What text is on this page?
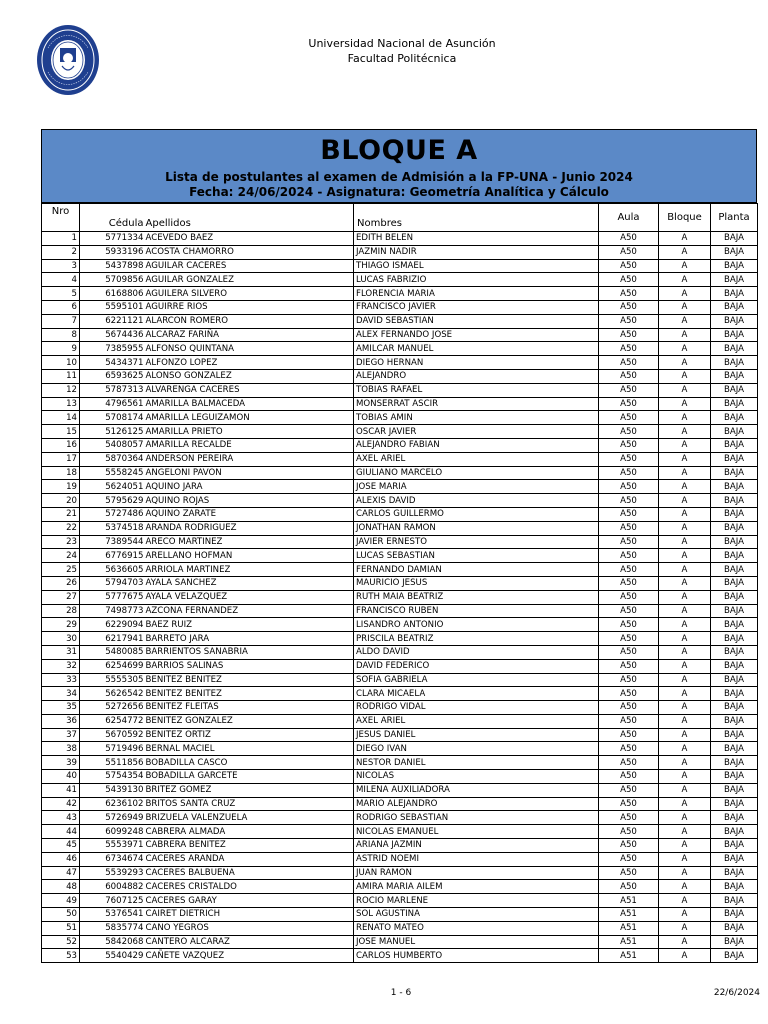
Universidad Nacional de Asunción
Facultad Politécnica
BLOQUE A
Lista de postulantes al examen de Admisión a la FP-UNA - Junio 2024
Fecha: 24/06/2024 - Asignatura: Geometría Analítica y Cálculo
Nro	Cédula	Apellidos	Nombres	Aula	Bloque	Planta
1	5771334	ACEVEDO BAEZ	EDITH BELEN	A50	A	BAJA
2	5933196	ACOSTA CHAMORRO	JAZMIN NADIR	A50	A	BAJA
3	5437898	AGUILAR CACERES	THIAGO ISMAEL	A50	A	BAJA
4	5709856	AGUILAR GONZALEZ	LUCAS FABRIZIO	A50	A	BAJA
5	6168806	AGUILERA SILVERO	FLORENCIA MARIA	A50	A	BAJA
6	5595101	AGUIRRE RIOS	FRANCISCO JAVIER	A50	A	BAJA
7	6221121	ALARCON ROMERO	DAVID SEBASTIAN	A50	A	BAJA
8	5674436	ALCARAZ FARIÑA	ALEX FERNANDO JOSE	A50	A	BAJA
9	7385955	ALFONSO QUINTANA	AMILCAR MANUEL	A50	A	BAJA
10	5434371	ALFONZO LOPEZ	DIEGO HERNAN	A50	A	BAJA
11	6593625	ALONSO GONZALEZ	ALEJANDRO	A50	A	BAJA
12	5787313	ALVARENGA CACERES	TOBIAS RAFAEL	A50	A	BAJA
13	4796561	AMARILLA BALMACEDA	MONSERRAT ASCIR	A50	A	BAJA
14	5708174	AMARILLA LEGUIZAMON	TOBIAS AMIN	A50	A	BAJA
15	5126125	AMARILLA PRIETO	OSCAR JAVIER	A50	A	BAJA
16	5408057	AMARILLA RECALDE	ALEJANDRO FABIAN	A50	A	BAJA
17	5870364	ANDERSON PEREIRA	AXEL ARIEL	A50	A	BAJA
18	5558245	ANGELONI PAVON	GIULIANO MARCELO	A50	A	BAJA
19	5624051	AQUINO JARA	JOSE MARIA	A50	A	BAJA
20	5795629	AQUINO ROJAS	ALEXIS DAVID	A50	A	BAJA
21	5727486	AQUINO ZARATE	CARLOS GUILLERMO	A50	A	BAJA
22	5374518	ARANDA RODRIGUEZ	JONATHAN RAMON	A50	A	BAJA
23	7389544	ARECO MARTINEZ	JAVIER ERNESTO	A50	A	BAJA
24	6776915	ARELLANO HOFMAN	LUCAS SEBASTIAN	A50	A	BAJA
25	5636605	ARRIOLA MARTINEZ	FERNANDO DAMIAN	A50	A	BAJA
26	5794703	AYALA SANCHEZ	MAURICIO JESUS	A50	A	BAJA
27	5777675	AYALA VELAZQUEZ	RUTH MAIA BEATRIZ	A50	A	BAJA
28	7498773	AZCONA FERNANDEZ	FRANCISCO RUBEN	A50	A	BAJA
29	6229094	BAEZ RUIZ	LISANDRO ANTONIO	A50	A	BAJA
30	6217941	BARRETO JARA	PRISCILA BEATRIZ	A50	A	BAJA
31	5480085	BARRIENTOS SANABRIA	ALDO DAVID	A50	A	BAJA
32	6254699	BARRIOS SALINAS	DAVID FEDERICO	A50	A	BAJA
33	5555305	BENITEZ BENITEZ	SOFIA GABRIELA	A50	A	BAJA
34	5626542	BENITEZ BENITEZ	CLARA MICAELA	A50	A	BAJA
35	5272656	BENITEZ FLEITAS	RODRIGO VIDAL	A50	A	BAJA
36	6254772	BENITEZ GONZALEZ	AXEL ARIEL	A50	A	BAJA
37	5670592	BENITEZ ORTIZ	JESUS DANIEL	A50	A	BAJA
38	5719496	BERNAL MACIEL	DIEGO IVAN	A50	A	BAJA
39	5511856	BOBADILLA CASCO	NESTOR DANIEL	A50	A	BAJA
40	5754354	BOBADILLA GARCETE	NICOLAS	A50	A	BAJA
41	5439130	BRITEZ GOMEZ	MILENA AUXILIADORA	A50	A	BAJA
42	6236102	BRITOS SANTA CRUZ	MARIO ALEJANDRO	A50	A	BAJA
43	5726949	BRIZUELA VALENZUELA	RODRIGO SEBASTIAN	A50	A	BAJA
44	6099248	CABRERA ALMADA	NICOLAS EMANUEL	A50	A	BAJA
45	5553971	CABRERA BENITEZ	ARIANA JAZMIN	A50	A	BAJA
46	6734674	CACERES ARANDA	ASTRID NOEMI	A50	A	BAJA
47	5539293	CACERES BALBUENA	JUAN RAMON	A50	A	BAJA
48	6004882	CACERES CRISTALDO	AMIRA MARIA AILEM	A50	A	BAJA
49	7607125	CACERES GARAY	ROCIO MARLENE	A51	A	BAJA
50	5376541	CAIRET DIETRICH	SOL AGUSTINA	A51	A	BAJA
51	5835774	CANO YEGROS	RENATO MATEO	A51	A	BAJA
52	5842068	CANTERO ALCARAZ	JOSE MANUEL	A51	A	BAJA
53	5540429	CAÑETE VAZQUEZ	CARLOS HUMBERTO	A51	A	BAJA
1 - 6	22/6/2024
